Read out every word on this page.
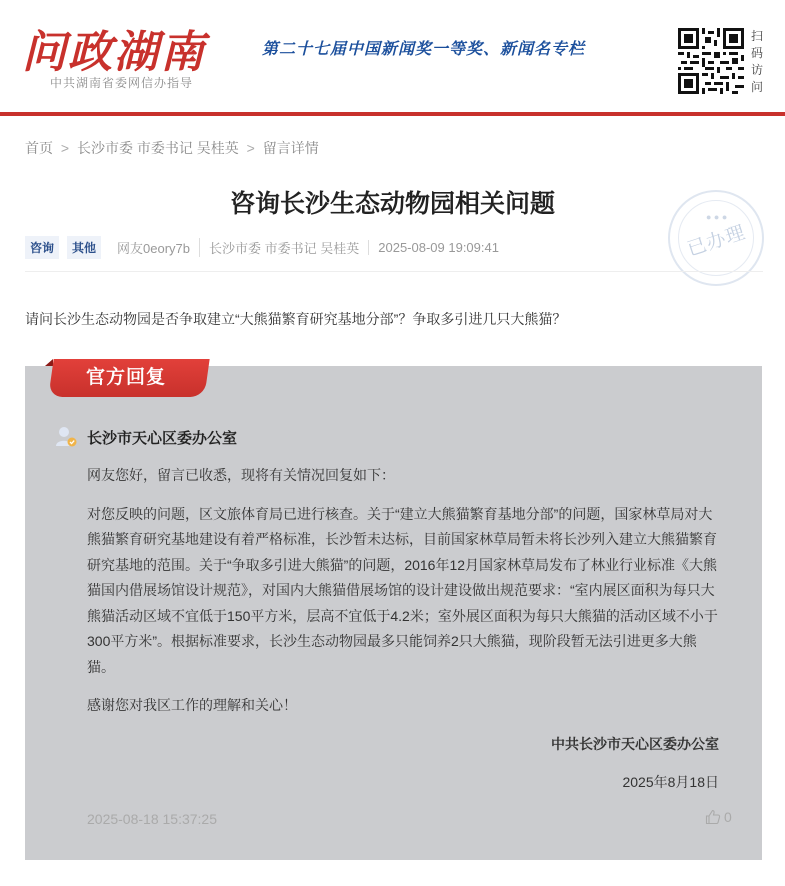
问政湖南
中共湖南省委网信办指导
第二十七届中国新闻奖一等奖、新闻名专栏
扫码访问
首页 > 长沙市委 市委书记 吴桂英 > 留言详情
咨询长沙生态动物园相关问题
咨询	其他	网友0eory7b	长沙市委 市委书记 吴桂英	2025-08-09 19:09:41
● ● ●
已办理
请问长沙生态动物园是否争取建立“大熊猫繁育研究基地分部”？争取多引进几只大熊猫？
官方回复
长沙市天心区委办公室

网友您好，留言已收悉，现将有关情况回复如下：

对您反映的问题，区文旅体育局已进行核查。关于“建立大熊猫繁育基地分部”的问题，国家林草局对大熊猫繁育研究基地建设有着严格标准，长沙暂未达标，目前国家林草局暂未将长沙列入建立大熊猫繁育研究基地的范围。关于“争取多引进大熊猫”的问题，2016年12月国家林草局发布了林业行业标准《大熊猫国内借展场馆设计规范》，对国内大熊猫借展场馆的设计建设做出规范要求：“室内展区面积为每只大熊猫活动区域不宜低于150平方米，层高不宜低于4.2米；室外展区面积为每只大熊猫的活动区域不小于300平方米”。根据标准要求，长沙生态动物园最多只能饲养2只大熊猫，现阶段暂无法引进更多大熊猫。

感谢您对我区工作的理解和关心！

中共长沙市天心区委办公室

2025年8月18日

2025-08-18 15:37:25	0
